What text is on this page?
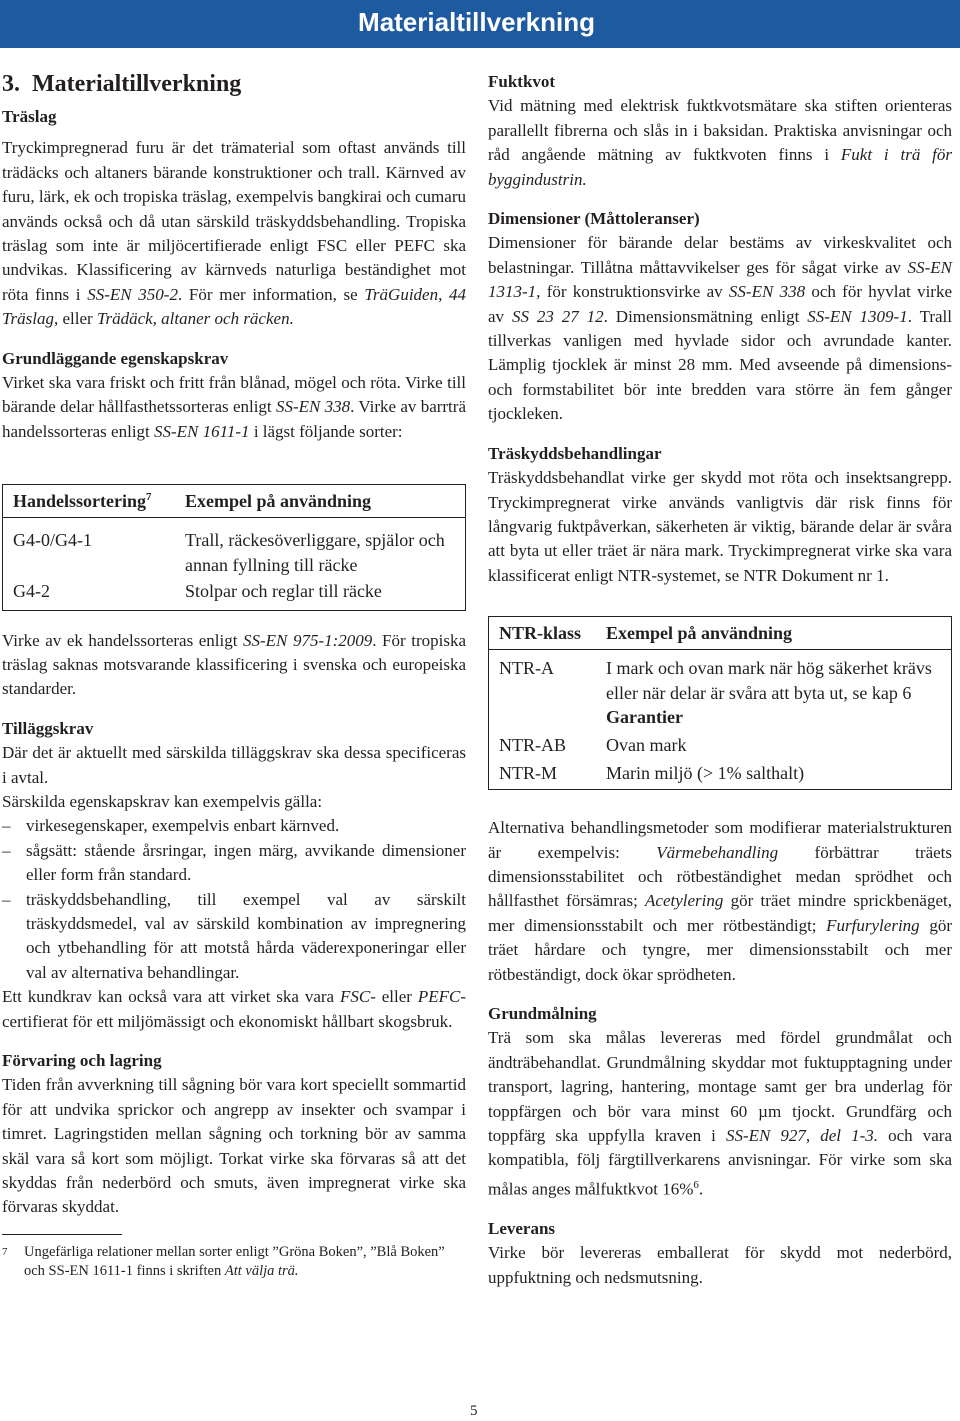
Materialtillverkning
3.  Materialtillverkning
Träslag

Tryckimpregnerad furu är det trämaterial som oftast används till trädäcks och altaners bärande konstruktioner och trall. Kärnved av furu, lärk, ek och tropiska träslag, exempelvis bangkirai och cumaru används också och då utan särskild träskyddsbehandling. Tropiska träslag som inte är miljöcertifierade enligt FSC eller PEFC ska undvikas. Klassificering av kärnveds naturliga beständighet mot röta finns i SS-EN 350-2. För mer information, se TräGuiden, 44 Träslag, eller Trädäck, altaner och räcken.

Grundläggande egenskapskrav

Virket ska vara friskt och fritt från blånad, mögel och röta. Virke till bärande delar hållfasthetssorteras enligt SS-EN 338. Virke av barrträ handelssorteras enligt SS-EN 1611-1 i lägst följande sorter:

Handelssortering$^7$	Exempel på användning
G4-0/G4-1	Trall, räckesöverliggare, spjälor och annan fyllning till räcke
G4-2	Stolpar och reglar till räcke

Virke av ek handelssorteras enligt SS-EN 975-1:2009. För tropiska träslag saknas motsvarande klassificering i svenska och europeiska standarder.

Tilläggskrav

Där det är aktuellt med särskilda tilläggskrav ska dessa specificeras i avtal.

Särskilda egenskapskrav kan exempelvis gälla:

– virkesegenskaper, exempelvis enbart kärnved.
– sågsätt: stående årsringar, ingen märg, avvikande dimensioner eller form från standard.
– träskyddsbehandling, till exempel val av särskilt träskyddsmedel, val av särskild kombination av impregnering och ytbehandling för att motstå hårda väderexponeringar eller val av alternativa behandlingar.

Ett kundkrav kan också vara att virket ska vara FSC- eller PEFC-certifierat för ett miljömässigt och ekonomiskt hållbart skogsbruk.

Förvaring och lagring

Tiden från avverkning till sågning bör vara kort speciellt sommartid för att undvika sprickor och angrepp av insekter och svampar i timret. Lagringstiden mellan sågning och torkning bör av samma skäl vara så kort som möjligt. Torkat virke ska förvaras så att det skyddas från nederbörd och smuts, även impregnerat virke ska förvaras skyddat.

7	Ungefärliga relationer mellan sorter enligt ”Gröna Boken”, ”Blå Boken” och SS-EN 1611-1 finns i skriften Att välja trä.
Fuktkvot

Vid mätning med elektrisk fuktkvotsmätare ska stiften orienteras parallellt fibrerna och slås in i baksidan. Praktiska anvisningar och råd angående mätning av fuktkvoten finns i Fukt i trä för byggindustrin.

Dimensioner (Måttoleranser)

Dimensioner för bärande delar bestäms av virkeskvalitet och belastningar. Tillåtna måttavvikelser ges för sågat virke av SS-EN 1313-1, för konstruktionsvirke av SS-EN 338 och för hyvlat virke av SS 23 27 12. Dimensionsmätning enligt SS-EN 1309-1. Trall tillverkas vanligen med hyvlade sidor och avrundade kanter. Lämplig tjocklek är minst 28 mm. Med avseende på dimensions- och formstabilitet bör inte bredden vara större än fem gånger tjockleken.

Träskyddsbehandlingar

Träskyddsbehandlat virke ger skydd mot röta och insektsangrepp. Tryckimpregnerat virke används vanligtvis där risk finns för långvarig fuktpåverkan, säkerheten är viktig, bärande delar är svåra att byta ut eller träet är nära mark. Tryckimpregnerat virke ska vara klassificerat enligt NTR-systemet, se NTR Dokument nr 1.

NTR-klass	Exempel på användning
NTR-A	I mark och ovan mark när hög säkerhet krävs eller när delar är svåra att byta ut, se kap 6 Garantier
NTR-AB	Ovan mark
NTR-M	Marin miljö (> 1% salthalt)

Alternativa behandlingsmetoder som modifierar materialstrukturen är exempelvis: Värmebehandling förbättrar träets dimensionsstabilitet och rötbeständighet medan sprödhet och hållfasthet försämras; Acetylering gör träet mindre sprickbenäget, mer dimensionsstabilt och mer rötbeständigt; Furfurylering gör träet hårdare och tyngre, mer dimensionsstabilt och mer rötbeständigt, dock ökar sprödheten.

Grundmålning

Trä som ska målas levereras med fördel grundmålat och ändträbehandlat. Grundmålning skyddar mot fuktupptagning under transport, lagring, hantering, montage samt ger bra underlag för toppfärgen och bör vara minst 60 µm tjockt. Grundfärg och toppfärg ska uppfylla kraven i SS-EN 927, del 1-3. och vara kompatibla, följ färgtillverkarens anvisningar. För virke som ska målas anges målfuktkvot 16%$^6$.

Leverans

Virke bör levereras emballerat för skydd mot nederbörd, uppfuktning och nedsmutsning.

5
